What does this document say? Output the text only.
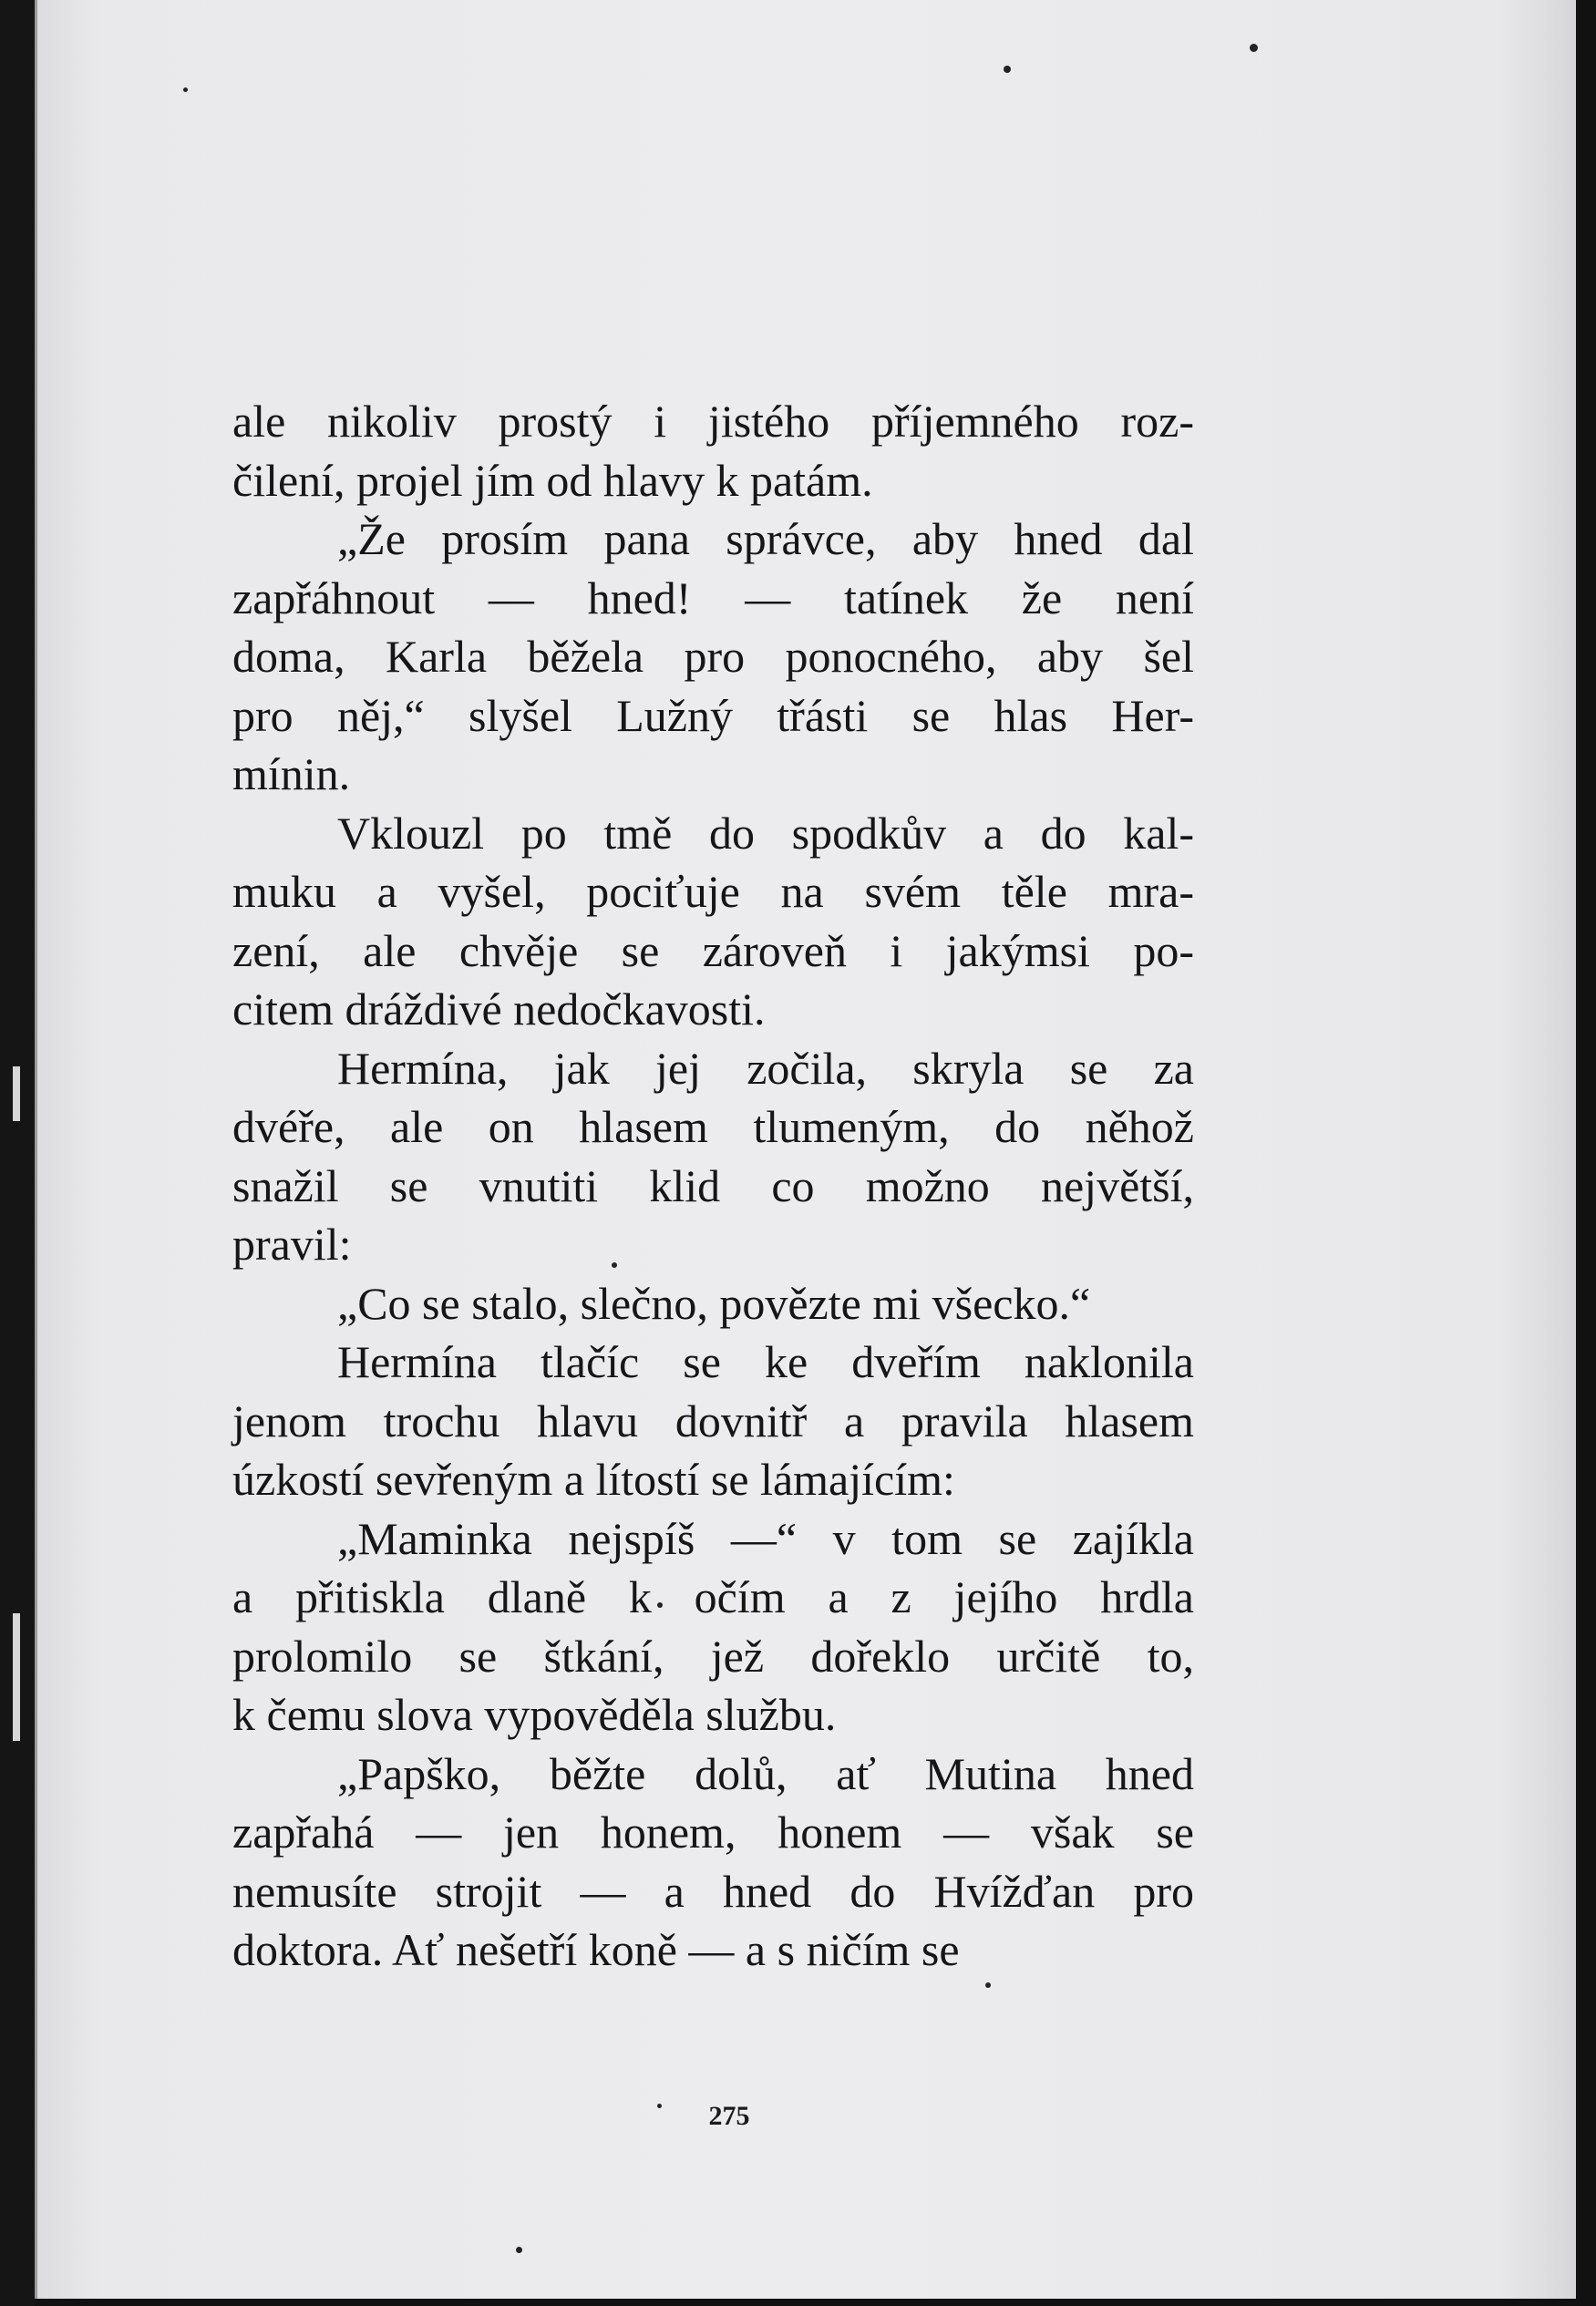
ale nikoliv prostý i jistého příjemného roz-
čilení, projel jím od hlavy k patám.
„Že prosím pana správce, aby hned dal
zapřáhnout — hned! — tatínek že není
doma, Karla běžela pro ponocného, aby šel
pro něj,“ slyšel Lužný třásti se hlas Her-
mínin.
Vklouzl po tmě do spodkův a do kal-
muku a vyšel, pociťuje na svém těle mra-
zení, ale chvěje se zároveň i jakýmsi po-
citem dráždivé nedočkavosti.
Hermína, jak jej zočila, skryla se za
dvéře, ale on hlasem tlumeným, do něhož
snažil se vnutiti klid co možno největší,
pravil:
„Co se stalo, slečno, povězte mi všecko.“
Hermína tlačíc se ke dveřím naklonila
jenom trochu hlavu dovnitř a pravila hlasem
úzkostí sevřeným a lítostí se lámajícím:
„Maminka nejspíš —“ v tom se zajíkla
a přitiskla dlaně k očím a z jejího hrdla
prolomilo se štkání, jež dořeklo určitě to,
k čemu slova vypověděla službu.
„Papško, běžte dolů, ať Mutina hned
zapřahá — jen honem, honem — však se
nemusíte strojit — a hned do Hvížďan pro
doktora. Ať nešetří koně — a s ničím se
275
